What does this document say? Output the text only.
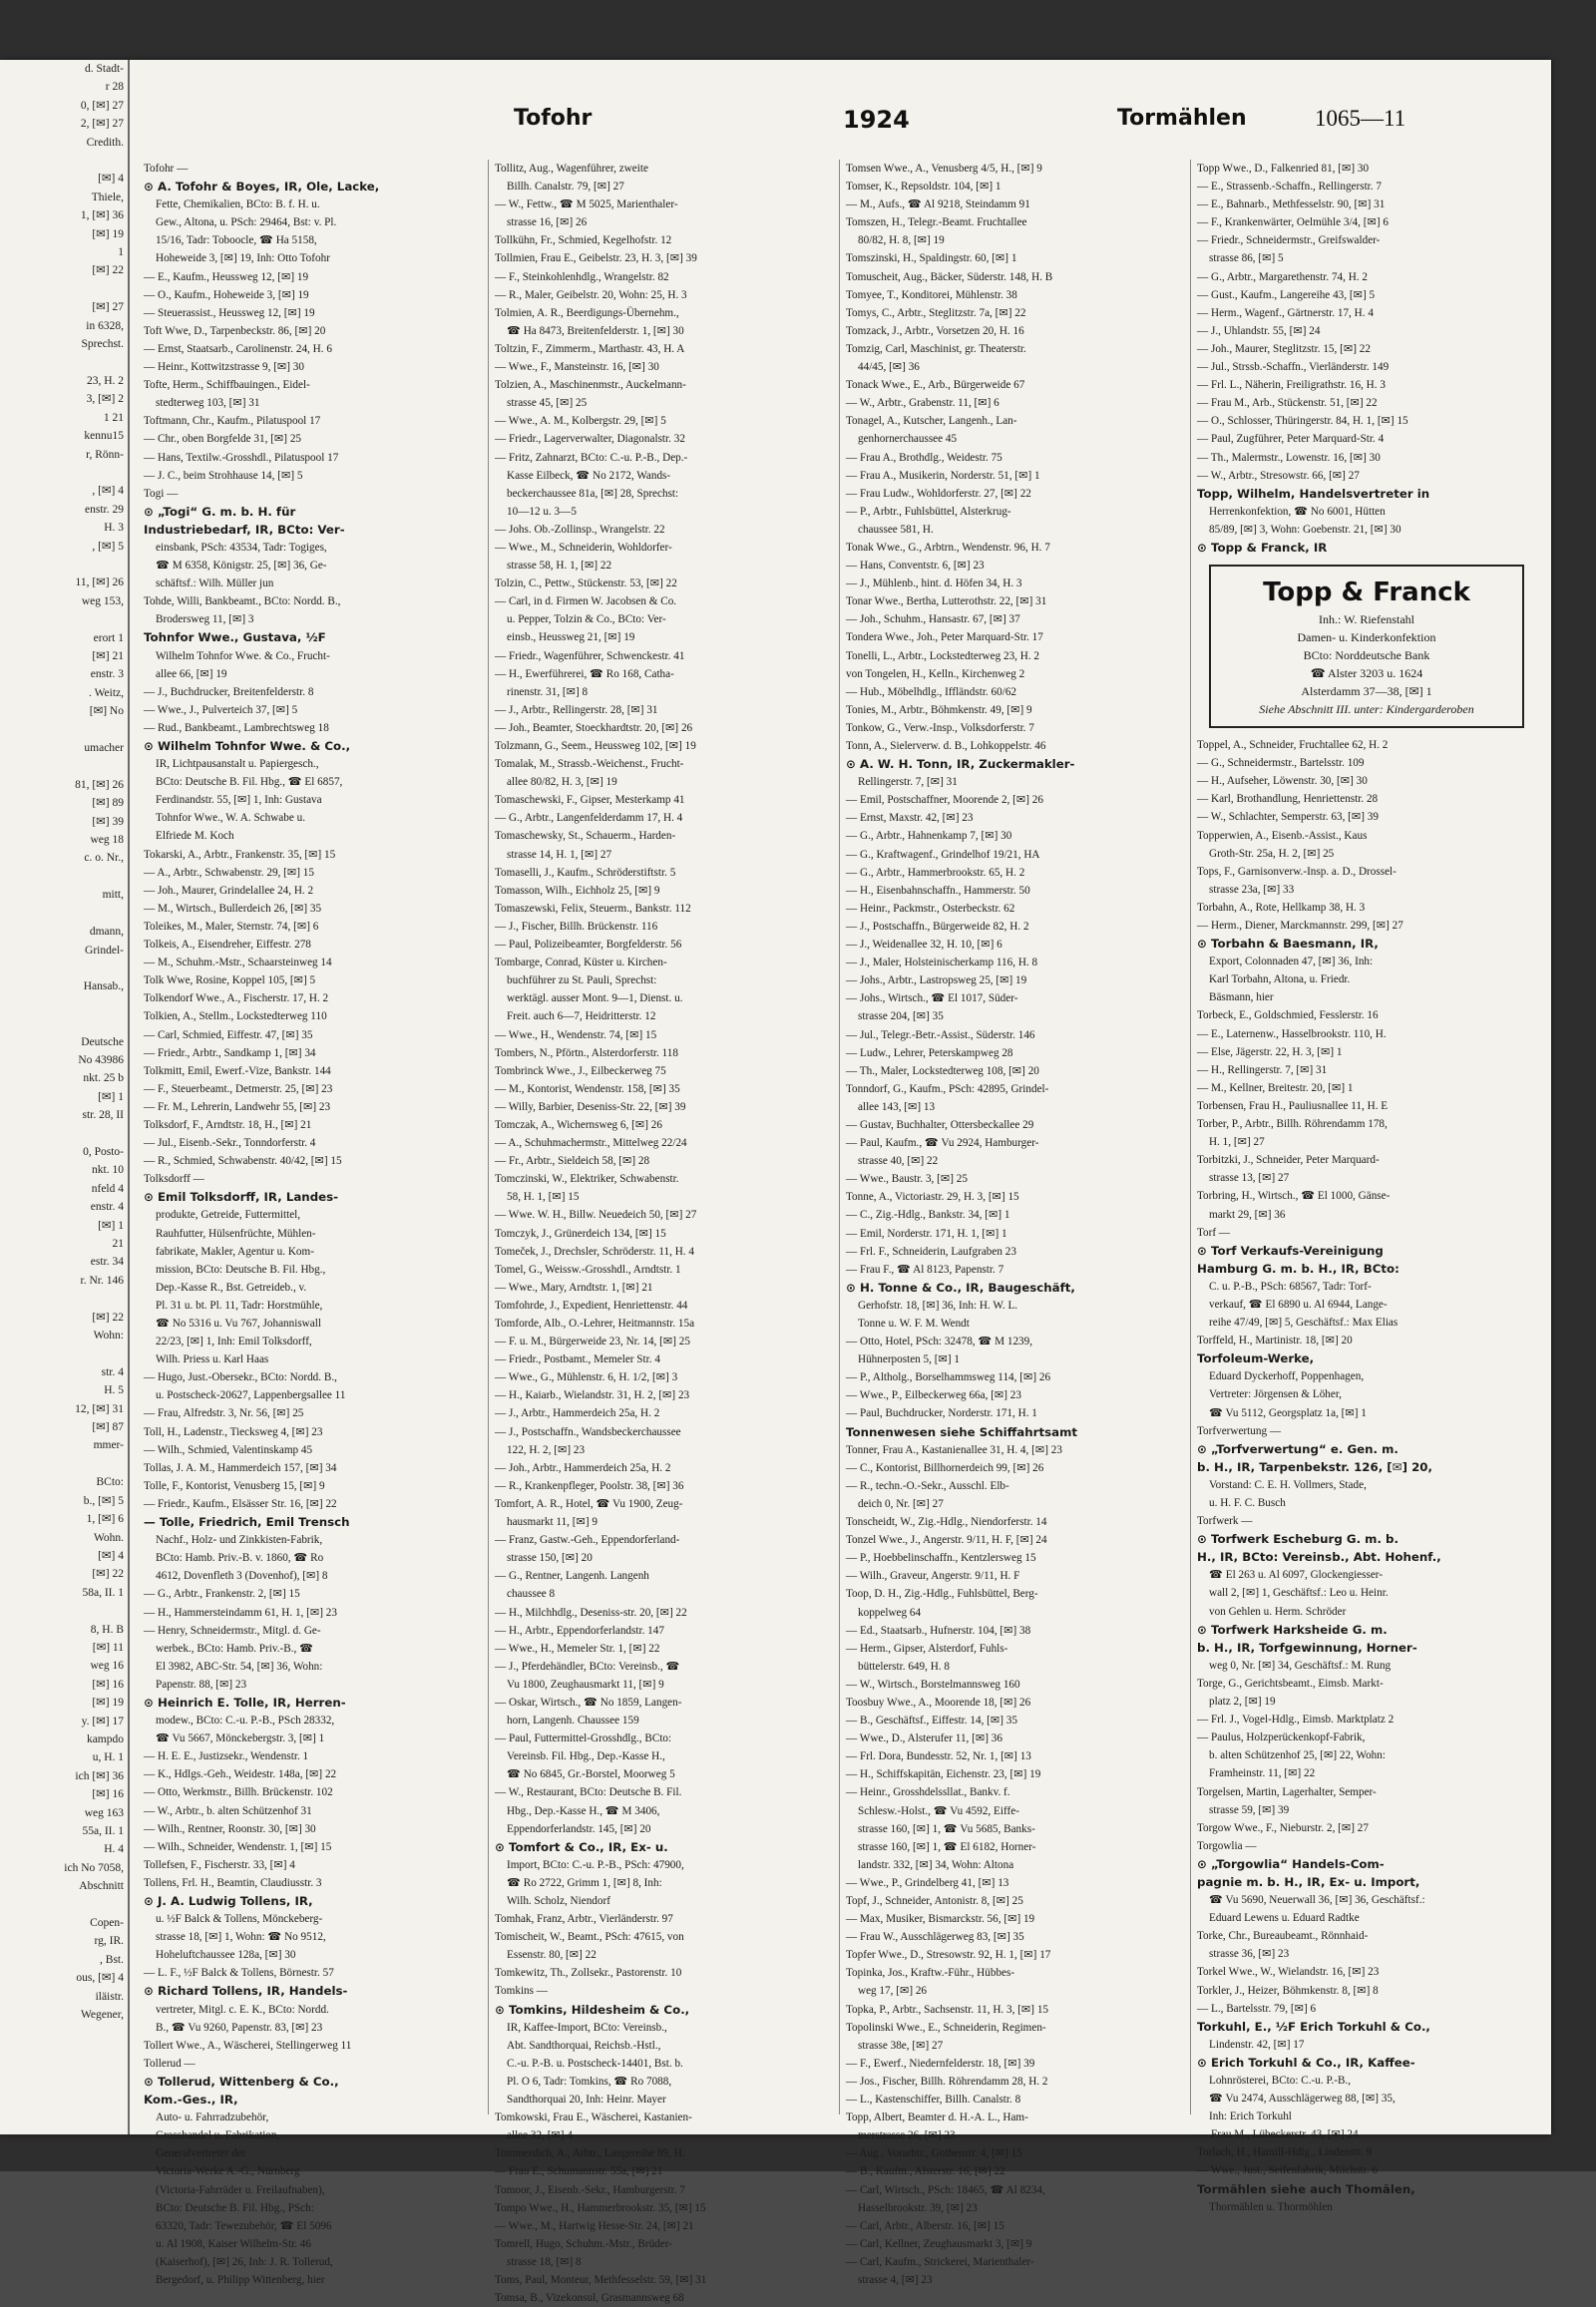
d. Stadt-
r 28
0, [✉] 27
2, [✉] 27
Credith.

[✉] 4
Thiele,
1, [✉] 36
[✉] 19
1
[✉] 22

[✉] 27
in 6328,
Sprechst.

23, H. 2
3, [✉] 2
1 21
kennu15
r, Rönn-

, [✉] 4
enstr. 29
H. 3
, [✉] 5

11, [✉] 26
weg 153,

erort 1
[✉] 21
enstr. 3
. Weitz,
[✉] No

umacher

81, [✉] 26
[✉] 89
[✉] 39
weg 18
c. o. Nr.,

mitt,

dmann,
Grindel-

Hansab.,

Deutsche
No 43986
nkt. 25 b
[✉] 1
str. 28, II

0, Posto-
nkt. 10
nfeld 4
enstr. 4
[✉] 1
21
estr. 34
r. Nr. 146

[✉] 22
Wohn:

str. 4
H. 5
12, [✉] 31
[✉] 87
mmer-

BCto:
b., [✉] 5
1, [✉] 6
Wohn.
[✉] 4
[✉] 22
58a, II. 1

8, H. B
[✉] 11
weg 16
[✉] 16
[✉] 19
y. [✉] 17
kampdo
u, H. 1
ich [✉] 36
[✉] 16
weg 163
55a, II. 1
H. 4
ich No 7058,
Abschnitt

Copen-
rg, IR.
, Bst.
ous, [✉] 4
iläistr.
Wegener,
Tofohr	1924	Tormählen	1065—11
Tofohr —
⊙ A. Tofohr & Boyes, IR, Ole, Lacke,
Fette, Chemikalien, BCto: B. f. H. u.
Gew., Altona, u. PSch: 29464, Bst: v. Pl.
15/16, Tadr: Toboocle, ☎ Ha 5158,
Hoheweide 3, [✉] 19, Inh: Otto Tofohr
— E., Kaufm., Heussweg 12, [✉] 19
— O., Kaufm., Hoheweide 3, [✉] 19
— Steuerassist., Heussweg 12, [✉] 19
Toft Wwe, D., Tarpenbeckstr. 86, [✉] 20
— Ernst, Staatsarb., Carolinenstr. 24, H. 6
— Heinr., Kottwitzstrasse 9, [✉] 30
Tofte, Herm., Schiffbauingen., Eidel-
stedterweg 103, [✉] 31
Toftmann, Chr., Kaufm., Pilatuspool 17
— Chr., oben Borgfelde 31, [✉] 25
— Hans, Textilw.-Grosshdl., Pilatuspool 17
— J. C., beim Strohhause 14, [✉] 5
Togi —
⊙ „Togi“ G. m. b. H. für
Industriebedarf, IR, BCto: Ver-
einsbank, PSch: 43534, Tadr: Togiges,
☎ M 6358, Königstr. 25, [✉] 36, Ge-
schäftsf.: Wilh. Müller jun
Tohde, Willi, Bankbeamt., BCto: Nordd. B.,
Brodersweg 11, [✉] 3
Tohnfor Wwe., Gustava, ½F
Wilhelm Tohnfor Wwe. & Co., Frucht-
allee 66, [✉] 19
— J., Buchdrucker, Breitenfelderstr. 8
— Wwe., J., Pulverteich 37, [✉] 5
— Rud., Bankbeamt., Lambrechtsweg 18
⊙ Wilhelm Tohnfor Wwe. & Co.,
IR, Lichtpausanstalt u. Papiergesch.,
BCto: Deutsche B. Fil. Hbg., ☎ El 6857,
Ferdinandstr. 55, [✉] 1, Inh: Gustava
Tohnfor Wwe., W. A. Schwabe u.
Elfriede M. Koch
Tokarski, A., Arbtr., Frankenstr. 35, [✉] 15
— A., Arbtr., Schwabenstr. 29, [✉] 15
— Joh., Maurer, Grindelallee 24, H. 2
— M., Wirtsch., Bullerdeich 26, [✉] 35
Toleikes, M., Maler, Sternstr. 74, [✉] 6
Tolkeis, A., Eisendreher, Eiffestr. 278
— M., Schuhm.-Mstr., Schaarsteinweg 14
Tolk Wwe, Rosine, Koppel 105, [✉] 5
Tolkendorf Wwe., A., Fischerstr. 17, H. 2
Tolkien, A., Stellm., Lockstedterweg 110
— Carl, Schmied, Eiffestr. 47, [✉] 35
— Friedr., Arbtr., Sandkamp 1, [✉] 34
Tolkmitt, Emil, Ewerf.-Vize, Bankstr. 144
— F., Steuerbeamt., Detmerstr. 25, [✉] 23
— Fr. M., Lehrerin, Landwehr 55, [✉] 23
Tolksdorf, F., Arndtstr. 18, H., [✉] 21
— Jul., Eisenb.-Sekr., Tonndorferstr. 4
— R., Schmied, Schwabenstr. 40/42, [✉] 15
Tolksdorff —
⊙ Emil Tolksdorff, IR, Landes-
produkte, Getreide, Futtermittel,
Rauhfutter, Hülsenfrüchte, Mühlen-
fabrikate, Makler, Agentur u. Kom-
mission, BCto: Deutsche B. Fil. Hbg.,
Dep.-Kasse R., Bst. Getreideb., v.
Pl. 31 u. bt. Pl. 11, Tadr: Horstmühle,
☎ No 5316 u. Vu 767, Johanniswall
22/23, [✉] 1, Inh: Emil Tolksdorff,
Wilh. Priess u. Karl Haas
— Hugo, Just.-Obersekr., BCto: Nordd. B.,
u. Postscheck-20627, Lappenbergsallee 11
— Frau, Alfredstr. 3, Nr. 56, [✉] 25
Toll, H., Ladenstr., Tiecksweg 4, [✉] 23
— Wilh., Schmied, Valentinskamp 45
Tollas, J. A. M., Hammerdeich 157, [✉] 34
Tolle, F., Kontorist, Venusberg 15, [✉] 9
— Friedr., Kaufm., Elsässer Str. 16, [✉] 22
— Tolle, Friedrich, Emil Trensch
Nachf., Holz- und Zinkkisten-Fabrik,
BCto: Hamb. Priv.-B. v. 1860, ☎ Ro
4612, Dovenfleth 3 (Dovenhof), [✉] 8
— G., Arbtr., Frankenstr. 2, [✉] 15
— H., Hammersteindamm 61, H. 1, [✉] 23
— Henry, Schneidermstr., Mitgl. d. Ge-
werbek., BCto: Hamb. Priv.-B., ☎
El 3982, ABC-Str. 54, [✉] 36, Wohn:
Papenstr. 88, [✉] 23
⊙ Heinrich E. Tolle, IR, Herren-
modew., BCto: C.-u. P.-B., PSch 28332,
☎ Vu 5667, Mönckebergstr. 3, [✉] 1
— H. E. E., Justizsekr., Wendenstr. 1
— K., Hdlgs.-Geh., Weidestr. 148a, [✉] 22
— Otto, Werkmstr., Billh. Brückenstr. 102
— W., Arbtr., b. alten Schützenhof 31
— Wilh., Rentner, Roonstr. 30, [✉] 30
— Wilh., Schneider, Wendenstr. 1, [✉] 15
Tollefsen, F., Fischerstr. 33, [✉] 4
Tollens, Frl. H., Beamtin, Claudiusstr. 3
⊙ J. A. Ludwig Tollens, IR,
u. ½F Balck & Tollens, Mönckeberg-
strasse 18, [✉] 1, Wohn: ☎ No 9512,
Hoheluftchaussee 128a, [✉] 30
— L. F., ½F Balck & Tollens, Börnestr. 57
⊙ Richard Tollens, IR, Handels-
vertreter, Mitgl. c. E. K., BCto: Nordd.
B., ☎ Vu 9260, Papenstr. 83, [✉] 23
Tollert Wwe., A., Wäscherei, Stellingerweg 11
Tollerud —
⊙ Tollerud, Wittenberg & Co.,
Kom.-Ges., IR,
Auto- u. Fahrradzubehör,
Grosshandel u. Fabrikation,
Generalvertreter der
Victoria-Werke A.-G., Nürnberg
(Victoria-Fahrräder u. Freilaufnaben),
BCto: Deutsche B. Fil. Hbg., PSch:
63320, Tadr: Tewezubehör, ☎ El 5096
u. Al 1908, Kaiser Wilhelm-Str. 46
(Kaiserhof), [✉] 26, Inh: J. R. Tollerud,
Bergedorf, u. Philipp Wittenberg, hier
Tollitz, Aug., Wagenführer, zweite
Billh. Canalstr. 79, [✉] 27
— W., Fettw., ☎ M 5025, Marienthaler-
strasse 16, [✉] 26
Tollkühn, Fr., Schmied, Kegelhofstr. 12
Tollmien, Frau E., Geibelstr. 23, H. 3, [✉] 39
— F., Steinkohlenhdlg., Wrangelstr. 82
— R., Maler, Geibelstr. 20, Wohn: 25, H. 3
Tolmien, A. R., Beerdigungs-Übernehm.,
☎ Ha 8473, Breitenfelderstr. 1, [✉] 30
Toltzin, F., Zimmerm., Marthastr. 43, H. A
— Wwe., F., Mansteinstr. 16, [✉] 30
Tolzien, A., Maschinenmstr., Auckelmann-
strasse 45, [✉] 25
— Wwe., A. M., Kolbergstr. 29, [✉] 5
— Friedr., Lagerverwalter, Diagonalstr. 32
— Fritz, Zahnarzt, BCto: C.-u. P.-B., Dep.-
Kasse Eilbeck, ☎ No 2172, Wands-
beckerchaussee 81a, [✉] 28, Sprechst:
10—12 u. 3—5
— Johs. Ob.-Zollinsp., Wrangelstr. 22
— Wwe., M., Schneiderin, Wohldorfer-
strasse 58, H. 1, [✉] 22
Tolzin, C., Pettw., Stückenstr. 53, [✉] 22
— Carl, in d. Firmen W. Jacobsen & Co.
u. Pepper, Tolzin & Co., BCto: Ver-
einsb., Heussweg 21, [✉] 19
— Friedr., Wagenführer, Schwenckestr. 41
— H., Ewerführerei, ☎ Ro 168, Catha-
rinenstr. 31, [✉] 8
— J., Arbtr., Rellingerstr. 28, [✉] 31
— Joh., Beamter, Stoeckhardtstr. 20, [✉] 26
Tolzmann, G., Seem., Heussweg 102, [✉] 19
Tomalak, M., Strassb.-Weichenst., Frucht-
allee 80/82, H. 3, [✉] 19
Tomaschewski, F., Gipser, Mesterkamp 41
— G., Arbtr., Langenfelderdamm 17, H. 4
Tomaschewsky, St., Schauerm., Harden-
strasse 14, H. 1, [✉] 27
Tomaselli, J., Kaufm., Schröderstiftstr. 5
Tomasson, Wilh., Eichholz 25, [✉] 9
Tomaszewski, Felix, Steuerm., Bankstr. 112
— J., Fischer, Billh. Brückenstr. 116
— Paul, Polizeibeamter, Borgfelderstr. 56
Tombarge, Conrad, Küster u. Kirchen-
buchführer zu St. Pauli, Sprechst:
werktägl. ausser Mont. 9—1, Dienst. u.
Freit. auch 6—7, Heidritterstr. 12
— Wwe., H., Wendenstr. 74, [✉] 15
Tombers, N., Pförtn., Alsterdorferstr. 118
Tombrinck Wwe., J., Eilbeckerweg 75
— M., Kontorist, Wendenstr. 158, [✉] 35
— Willy, Barbier, Deseniss-Str. 22, [✉] 39
Tomczak, A., Wichernsweg 6, [✉] 26
— A., Schuhmachermstr., Mittelweg 22/24
— Fr., Arbtr., Sieldeich 58, [✉] 28
Tomczinski, W., Elektriker, Schwabenstr.
58, H. 1, [✉] 15
— Wwe. W. H., Billw. Neuedeich 50, [✉] 27
Tomczyk, J., Grünerdeich 134, [✉] 15
Tomeček, J., Drechsler, Schröderstr. 11, H. 4
Tomel, G., Weissw.-Grosshdl., Arndtstr. 1
— Wwe., Mary, Arndtstr. 1, [✉] 21
Tomfohrde, J., Expedient, Henriettenstr. 44
Tomforde, Alb., O.-Lehrer, Heitmannstr. 15a
— F. u. M., Bürgerweide 23, Nr. 14, [✉] 25
— Friedr., Postbamt., Memeler Str. 4
— Wwe., G., Mühlenstr. 6, H. 1/2, [✉] 3
— H., Kaiarb., Wielandstr. 31, H. 2, [✉] 23
— J., Arbtr., Hammerdeich 25a, H. 2
— J., Postschaffn., Wandsbeckerchaussee
122, H. 2, [✉] 23
— Joh., Arbtr., Hammerdeich 25a, H. 2
— R., Krankenpfleger, Poolstr. 38, [✉] 36
Tomfort, A. R., Hotel, ☎ Vu 1900, Zeug-
hausmarkt 11, [✉] 9
— Franz, Gastw.-Geh., Eppendorferland-
strasse 150, [✉] 20
— G., Rentner, Langenh. Langenh
chaussee 8
— H., Milchhdlg., Deseniss-str. 20, [✉] 22
— H., Arbtr., Eppendorferlandstr. 147
— Wwe., H., Memeler Str. 1, [✉] 22
— J., Pferdehändler, BCto: Vereinsb., ☎
Vu 1800, Zeughausmarkt 11, [✉] 9
— Oskar, Wirtsch., ☎ No 1859, Langen-
horn, Langenh. Chaussee 159
— Paul, Futtermittel-Grosshdlg., BCto:
Vereinsb. Fil. Hbg., Dep.-Kasse H.,
☎ No 6845, Gr.-Borstel, Moorweg 5
— W., Restaurant, BCto: Deutsche B. Fil.
Hbg., Dep.-Kasse H., ☎ M 3406,
Eppendorferlandstr. 145, [✉] 20
⊙ Tomfort & Co., IR, Ex- u.
Import, BCto: C.-u. P.-B., PSch: 47900,
☎ Ro 2722, Grimm 1, [✉] 8, Inh:
Wilh. Scholz, Niendorf
Tomhak, Franz, Arbtr., Vierländerstr. 97
Tomischeit, W., Beamt., PSch: 47615, von
Essenstr. 80, [✉] 22
Tomkewitz, Th., Zollsekr., Pastorenstr. 10
Tomkins —
⊙ Tomkins, Hildesheim & Co.,
IR, Kaffee-Import, BCto: Vereinsb.,
Abt. Sandthorquai, Reichsb.-Hstl.,
C.-u. P.-B. u. Postscheck-14401, Bst. b.
Pl. O 6, Tadr: Tomkins, ☎ Ro 7088,
Sandthorquai 20, Inh: Heinr. Mayer
Tomkowski, Frau E., Wäscherei, Kastanien-
allee 32, [✉] 4
Tommerdich, A., Arbtr., Langereihe 89, H.
— Frau E., Schumannstr. 55a, [✉] 21
Tomoor, J., Eisenb.-Sekr., Hamburgerstr. 7
Tompo Wwe., H., Hammerbrookstr. 35, [✉] 15
— Wwe., M., Hartwig Hesse-Str. 24, [✉] 21
Tomrell, Hugo, Schuhm.-Mstr., Brüder-
strasse 18, [✉] 8
Toms, Paul, Monteur, Methfesselstr. 59, [✉] 31
Tomsa, B., Vizekonsul, Grasmannsweg 68
Tomsen Wwe., A., Venusberg 4/5, H., [✉] 9
Tomser, K., Repsoldstr. 104, [✉] 1
— M., Aufs., ☎ Al 9218, Steindamm 91
Tomszen, H., Telegr.-Beamt. Fruchtallee
80/82, H. 8, [✉] 19
Tomszinski, H., Spaldingstr. 60, [✉] 1
Tomuscheit, Aug., Bäcker, Süderstr. 148, H. B
Tomyee, T., Konditorei, Mühlenstr. 38
Tomys, C., Arbtr., Steglitzstr. 7a, [✉] 22
Tomzack, J., Arbtr., Vorsetzen 20, H. 16
Tomzig, Carl, Maschinist, gr. Theaterstr.
44/45, [✉] 36
Tonack Wwe., E., Arb., Bürgerweide 67
— W., Arbtr., Grabenstr. 11, [✉] 6
Tonagel, A., Kutscher, Langenh., Lan-
genhornerchaussee 45
— Frau A., Brothdlg., Weidestr. 75
— Frau A., Musikerin, Norderstr. 51, [✉] 1
— Frau Ludw., Wohldorferstr. 27, [✉] 22
— P., Arbtr., Fuhlsbüttel, Alsterkrug-
chaussee 581, H.
Tonak Wwe., G., Arbtrn., Wendenstr. 96, H. 7
— Hans, Conventstr. 6, [✉] 23
— J., Mühlenb., hint. d. Höfen 34, H. 3
Tonar Wwe., Bertha, Lutterothstr. 22, [✉] 31
— Joh., Schuhm., Hansastr. 67, [✉] 37
Tondera Wwe., Joh., Peter Marquard-Str. 17
Tonelli, L., Arbtr., Lockstedterweg 23, H. 2
von Tongelen, H., Kelln., Kirchenweg 2
— Hub., Möbelhdlg., Iffländstr. 60/62
Tonies, M., Arbtr., Böhmkenstr. 49, [✉] 9
Tonkow, G., Verw.-Insp., Volksdorferstr. 7
Tonn, A., Sielerverw. d. B., Lohkoppelstr. 46
⊙ A. W. H. Tonn, IR, Zuckermakler-
Rellingerstr. 7, [✉] 31
— Emil, Postschaffner, Moorende 2, [✉] 26
— Ernst, Maxstr. 42, [✉] 23
— G., Arbtr., Hahnenkamp 7, [✉] 30
— G., Kraftwagenf., Grindelhof 19/21, HA
— G., Arbtr., Hammerbrookstr. 65, H. 2
— H., Eisenbahnschaffn., Hammerstr. 50
— Heinr., Packmstr., Osterbeckstr. 62
— J., Postschaffn., Bürgerweide 82, H. 2
— J., Weidenallee 32, H. 10, [✉] 6
— J., Maler, Holsteinischerkamp 116, H. 8
— Johs., Arbtr., Lastropsweg 25, [✉] 19
— Johs., Wirtsch., ☎ El 1017, Süder-
strasse 204, [✉] 35
— Jul., Telegr.-Betr.-Assist., Süderstr. 146
— Ludw., Lehrer, Peterskampweg 28
— Th., Maler, Lockstedterweg 108, [✉] 20
Tonndorf, G., Kaufm., PSch: 42895, Grindel-
allee 143, [✉] 13
— Gustav, Buchhalter, Ottersbeckallee 29
— Paul, Kaufm., ☎ Vu 2924, Hamburger-
strasse 40, [✉] 22
— Wwe., Baustr. 3, [✉] 25
Tonne, A., Victoriastr. 29, H. 3, [✉] 15
— C., Zig.-Hdlg., Bankstr. 34, [✉] 1
— Emil, Norderstr. 171, H. 1, [✉] 1
— Frl. F., Schneiderin, Laufgraben 23
— Frau F., ☎ Al 8123, Papenstr. 7
⊙ H. Tonne & Co., IR, Baugeschäft,
Gerhofstr. 18, [✉] 36, Inh: H. W. L.
Tonne u. W. F. M. Wendt
— Otto, Hotel, PSch: 32478, ☎ M 1239,
Hühnerposten 5, [✉] 1
— P., Altholg., Borselhammsweg 114, [✉] 26
— Wwe., P., Eilbeckerweg 66a, [✉] 23
— Paul, Buchdrucker, Norderstr. 171, H. 1
Tonnenwesen siehe Schiffahrtsamt
Tonner, Frau A., Kastanienallee 31, H. 4, [✉] 23
— C., Kontorist, Billhornerdeich 99, [✉] 26
— R., techn.-O.-Sekr., Ausschl. Elb-
deich 0, Nr. [✉] 27
Tonscheidt, W., Zig.-Hdlg., Niendorferstr. 14
Tonzel Wwe., J., Angerstr. 9/11, H. F, [✉] 24
— P., Hoebbelinschaffn., Kentzlersweg 15
— Wilh., Graveur, Angerstr. 9/11, H. F
Toop, D. H., Zig.-Hdlg., Fuhlsbüttel, Berg-
koppelweg 64
— Ed., Staatsarb., Hufnerstr. 104, [✉] 38
— Herm., Gipser, Alsterdorf, Fuhls-
büttelerstr. 649, H. 8
— W., Wirtsch., Borstelmannsweg 160
Toosbuy Wwe., A., Moorende 18, [✉] 26
— B., Geschäftsf., Eiffestr. 14, [✉] 35
— Wwe., D., Alsterufer 11, [✉] 36
— Frl. Dora, Bundesstr. 52, Nr. 1, [✉] 13
— H., Schiffskapitän, Eichenstr. 23, [✉] 19
— Heinr., Grosshdelssllat., Bankv. f.
Schlesw.-Holst., ☎ Vu 4592, Eiffe-
strasse 160, [✉] 1, ☎ Vu 5685, Banks-
strasse 160, [✉] 1, ☎ El 6182, Horner-
landstr. 332, [✉] 34, Wohn: Altona
— Wwe., P., Grindelberg 41, [✉] 13
Topf, J., Schneider, Antonistr. 8, [✉] 25
— Max, Musiker, Bismarckstr. 56, [✉] 19
— Frau W., Ausschlägerweg 83, [✉] 35
Topfer Wwe., D., Stresowstr. 92, H. 1, [✉] 17
Topinka, Jos., Kraftw.-Führ., Hübbes-
weg 17, [✉] 26
Topka, P., Arbtr., Sachsenstr. 11, H. 3, [✉] 15
Topolinski Wwe., E., Schneiderin, Regimen-
strasse 38e, [✉] 27
— F., Ewerf., Niedernfelderstr. 18, [✉] 39
— Jos., Fischer, Billh. Röhrendamm 28, H. 2
— L., Kastenschiffer, Billh. Canalstr. 8
Topp, Albert, Beamter d. H.-A. L., Ham-
merstrasse 26, [✉] 23
— Aug., Vorarbtr., Gothenstr. 4, [✉] 15
— B., Kaufm., Alsterstr. 16, [✉] 22
— Carl, Wirtsch., PSch: 18465, ☎ Al 8234,
Hasselbrookstr. 39, [✉] 23
— Carl, Arbtr., Alberstr. 16, [✉] 15
— Carl, Kellner, Zeughausmarkt 3, [✉] 9
— Carl, Kaufm., Strickerei, Marienthaler-
strasse 4, [✉] 23
Topp Wwe., D., Falkenried 81, [✉] 30
— E., Strassenb.-Schaffn., Rellingerstr. 7
— E., Bahnarb., Methfesselstr. 90, [✉] 31
— F., Krankenwärter, Oelmühle 3/4, [✉] 6
— Friedr., Schneidermstr., Greifswalder-
strasse 86, [✉] 5
— G., Arbtr., Margarethenstr. 74, H. 2
— Gust., Kaufm., Langereihe 43, [✉] 5
— Herm., Wagenf., Gärtnerstr. 17, H. 4
— J., Uhlandstr. 55, [✉] 24
— Joh., Maurer, Steglitzstr. 15, [✉] 22
— Jul., Strssb.-Schaffn., Vierländerstr. 149
— Frl. L., Näherin, Freiligrathstr. 16, H. 3
— Frau M., Arb., Stückenstr. 51, [✉] 22
— O., Schlosser, Thüringerstr. 84, H. 1, [✉] 15
— Paul, Zugführer, Peter Marquard-Str. 4
— Th., Malermstr., Lowenstr. 16, [✉] 30
— W., Arbtr., Stresowstr. 66, [✉] 27
Topp, Wilhelm, Handelsvertreter in
Herrenkonfektion, ☎ No 6001, Hütten
85/89, [✉] 3, Wohn: Goebenstr. 21, [✉] 30
⊙ Topp & Franck, IR
Topp & Franck
Inh.: W. Riefenstahl
Damen- u. Kinderkonfektion
BCto: Norddeutsche Bank
☎ Alster 3203 u. 1624
Alsterdamm 37—38, [✉] 1
Siehe Abschnitt III. unter: Kindergarderoben
Toppel, A., Schneider, Fruchtallee 62, H. 2
— G., Schneidermstr., Bartelsstr. 109
— H., Aufseher, Löwenstr. 30, [✉] 30
— Karl, Brothandlung, Henriettenstr. 28
— W., Schlachter, Semperstr. 63, [✉] 39
Topperwien, A., Eisenb.-Assist., Kaus
Groth-Str. 25a, H. 2, [✉] 25
Tops, F., Garnisonverw.-Insp. a. D., Drossel-
strasse 23a, [✉] 33
Torbahn, A., Rote, Hellkamp 38, H. 3
— Herm., Diener, Marckmannstr. 299, [✉] 27
⊙ Torbahn & Baesmann, IR,
Export, Colonnaden 47, [✉] 36, Inh:
Karl Torbahn, Altona, u. Friedr.
Bäsmann, hier
Torbeck, E., Goldschmied, Fesslerstr. 16
— E., Laternenw., Hasselbrookstr. 110, H.
— Else, Jägerstr. 22, H. 3, [✉] 1
— H., Rellingerstr. 7, [✉] 31
— M., Kellner, Breitestr. 20, [✉] 1
Torbensen, Frau H., Pauliusnallee 11, H. E
Torber, P., Arbtr., Billh. Röhrendamm 178,
H. 1, [✉] 27
Torbitzki, J., Schneider, Peter Marquard-
strasse 13, [✉] 27
Torbring, H., Wirtsch., ☎ El 1000, Gänse-
markt 29, [✉] 36
Torf —
⊙ Torf Verkaufs-Vereinigung
Hamburg G. m. b. H., IR, BCto:
C. u. P.-B., PSch: 68567, Tadr: Torf-
verkauf, ☎ El 6890 u. Al 6944, Lange-
reihe 47/49, [✉] 5, Geschäftsf.: Max Elias
Torffeld, H., Martinistr. 18, [✉] 20
Torfoleum-Werke,
Eduard Dyckerhoff, Poppenhagen,
Vertreter: Jörgensen & Löher,
☎ Vu 5112, Georgsplatz 1a, [✉] 1
Torfverwertung —
⊙ „Torfverwertung“ e. Gen. m.
b. H., IR, Tarpenbekstr. 126, [✉] 20,
Vorstand: C. E. H. Vollmers, Stade,
u. H. F. C. Busch
Torfwerk —
⊙ Torfwerk Escheburg G. m. b.
H., IR, BCto: Vereinsb., Abt. Hohenf.,
☎ El 263 u. Al 6097, Glockengiesser-
wall 2, [✉] 1, Geschäftsf.: Leo u. Heinr.
von Gehlen u. Herm. Schröder
⊙ Torfwerk Harksheide G. m.
b. H., IR, Torfgewinnung, Horner-
weg 0, Nr. [✉] 34, Geschäftsf.: M. Rung
Torge, G., Gerichtsbeamt., Eimsb. Markt-
platz 2, [✉] 19
— Frl. J., Vogel-Hdlg., Eimsb. Marktplatz 2
— Paulus, Holzperückenkopf-Fabrik,
b. alten Schützenhof 25, [✉] 22, Wohn:
Framheinstr. 11, [✉] 22
Torgelsen, Martin, Lagerhalter, Semper-
strasse 59, [✉] 39
Torgow Wwe., F., Nieburstr. 2, [✉] 27
Torgowlia —
⊙ „Torgowlia“ Handels-Com-
pagnie m. b. H., IR, Ex- u. Import,
☎ Vu 5690, Neuerwall 36, [✉] 36, Geschäftsf.:
Eduard Lewens u. Eduard Radtke
Torke, Chr., Bureaubeamt., Rönnhaid-
strasse 36, [✉] 23
Torkel Wwe., W., Wielandstr. 16, [✉] 23
Torkler, J., Heizer, Böhmkenstr. 8, [✉] 8
— L., Bartelsstr. 79, [✉] 6
Torkuhl, E., ½F Erich Torkuhl & Co.,
Lindenstr. 42, [✉] 17
⊙ Erich Torkuhl & Co., IR, Kaffee-
Lohnrösterei, BCto: C.-u. P.-B.,
☎ Vu 2474, Ausschlägerweg 88, [✉] 35,
Inh: Erich Torkuhl
— Frau M., Lübeckerstr. 43, [✉] 24
Torlach, H., Hamill-Hdlg., Lindenstr. 9
— Wwe., Just., Seifenfabrik, Milchstr. 6
Tormählen siehe auch Thomälen,
Thormählen u. Thormöhlen
